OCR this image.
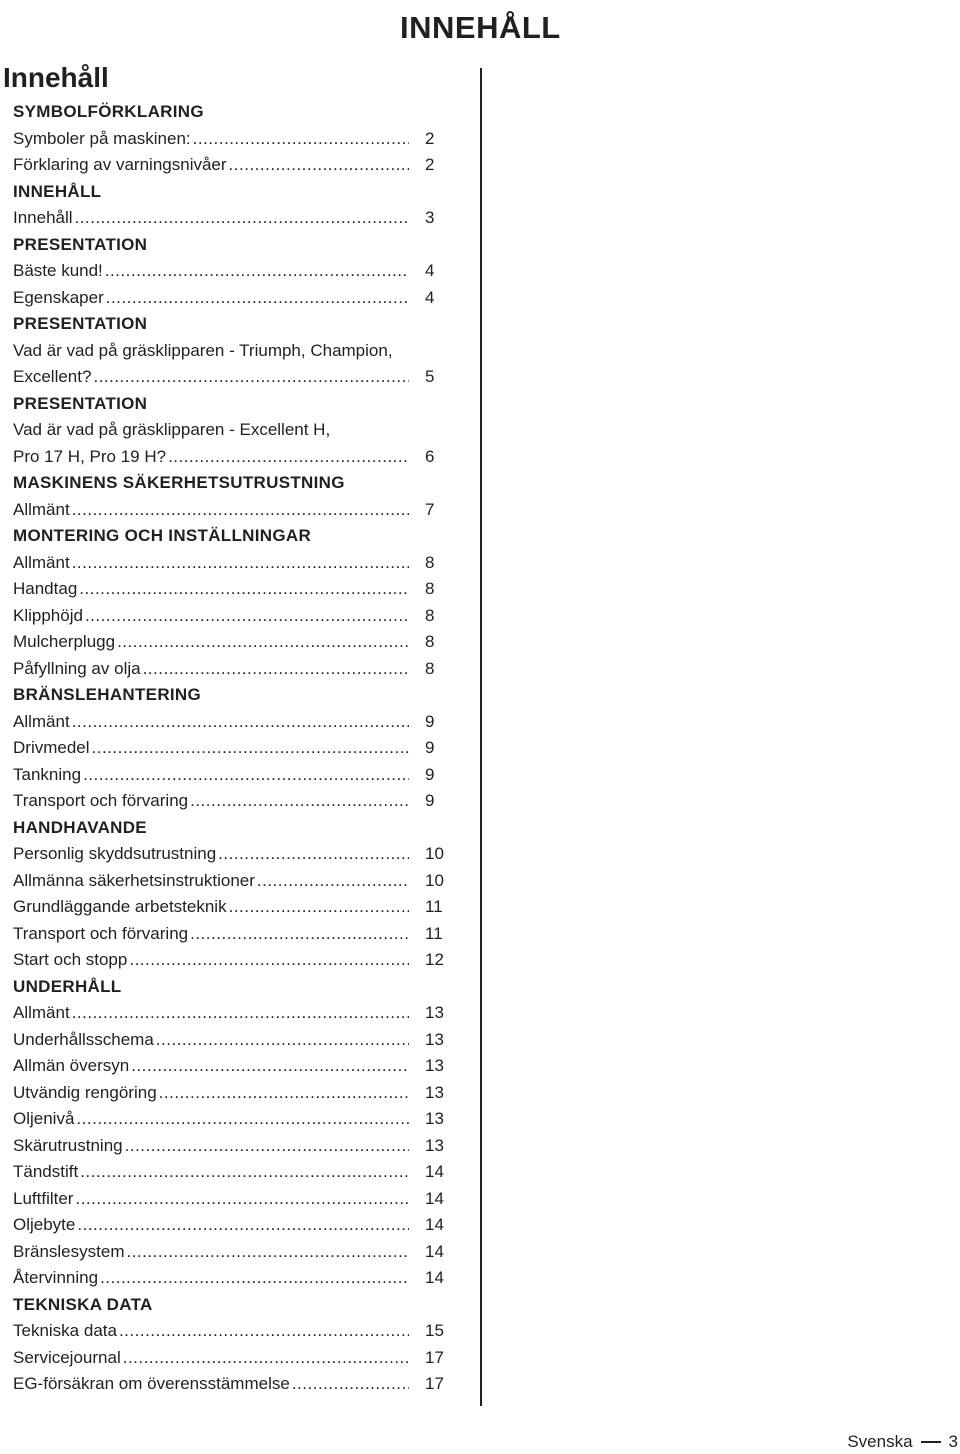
INNEHÅLL
Innehåll
SYMBOLFÖRKLARING
Symboler på maskinen: .....	2
Förklaring av varningsnivåer .....	2
INNEHÅLL
Innehåll .....	3
PRESENTATION
Bäste kund! .....	4
Egenskaper .....	4
PRESENTATION
Vad är vad på gräsklipparen - Triumph, Champion,
Excellent? .....	5
PRESENTATION
Vad är vad på gräsklipparen - Excellent H,
Pro 17 H, Pro 19 H? .....	6
MASKINENS SÄKERHETSUTRUSTNING
Allmänt .....	7
MONTERING OCH INSTÄLLNINGAR
Allmänt .....	8
Handtag .....	8
Klipphöjd .....	8
Mulcherplugg .....	8
Påfyllning av olja .....	8
BRÄNSLEHANTERING
Allmänt .....	9
Drivmedel .....	9
Tankning .....	9
Transport och förvaring .....	9
HANDHAVANDE
Personlig skyddsutrustning .....	10
Allmänna säkerhetsinstruktioner .....	10
Grundläggande arbetsteknik .....	11
Transport och förvaring .....	11
Start och stopp .....	12
UNDERHÅLL
Allmänt .....	13
Underhållsschema .....	13
Allmän översyn .....	13
Utvändig rengöring .....	13
Oljenivå .....	13
Skärutrustning .....	13
Tändstift .....	14
Luftfilter .....	14
Oljebyte .....	14
Bränslesystem .....	14
Återvinning .....	14
TEKNISKA DATA
Tekniska data .....	15
Servicejournal .....	17
EG-försäkran om överensstämmelse .....	17
Svenska 3
